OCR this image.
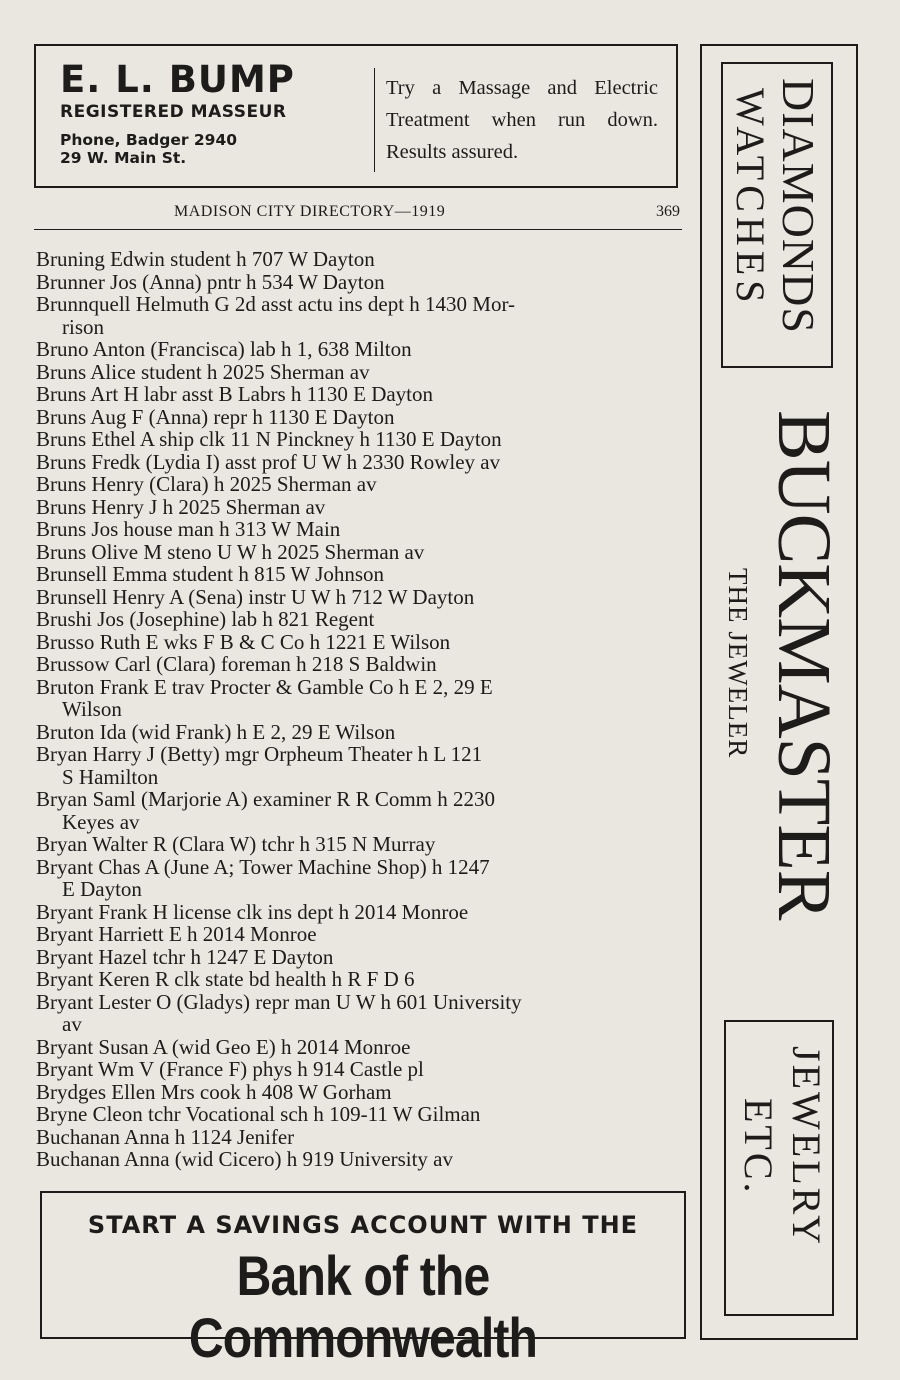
E. L. BUMP
REGISTERED MASSEUR
Phone, Badger 2940
29 W. Main St.
Try a Massage and Electric Treatment when run down. Results assured.
MADISON CITY DIRECTORY—1919	369
Bruning Edwin student h 707 W Dayton
Brunner Jos (Anna) pntr h 534 W Dayton
Brunnquell Helmuth G 2d asst actu ins dept h 1430 Mor-
rison
Bruno Anton (Francisca) lab h 1, 638 Milton
Bruns Alice student h 2025 Sherman av
Bruns Art H labr asst B Labrs h 1130 E Dayton
Bruns Aug F (Anna) repr h 1130 E Dayton
Bruns Ethel A ship clk 11 N Pinckney h 1130 E Dayton
Bruns Fredk (Lydia I) asst prof U W h 2330 Rowley av
Bruns Henry (Clara) h 2025 Sherman av
Bruns Henry J h 2025 Sherman av
Bruns Jos house man h 313 W Main
Bruns Olive M steno U W h 2025 Sherman av
Brunsell Emma student h 815 W Johnson
Brunsell Henry A (Sena) instr U W h 712 W Dayton
Brushi Jos (Josephine) lab h 821 Regent
Brusso Ruth E wks F B & C Co h 1221 E Wilson
Brussow Carl (Clara) foreman h 218 S Baldwin
Bruton Frank E trav Procter & Gamble Co h E 2, 29 E
Wilson
Bruton Ida (wid Frank) h E 2, 29 E Wilson
Bryan Harry J (Betty) mgr Orpheum Theater h L 121
S Hamilton
Bryan Saml (Marjorie A) examiner R R Comm h 2230
Keyes av
Bryan Walter R (Clara W) tchr h 315 N Murray
Bryant Chas A (June A; Tower Machine Shop) h 1247
E Dayton
Bryant Frank H license clk ins dept h 2014 Monroe
Bryant Harriett E h 2014 Monroe
Bryant Hazel tchr h 1247 E Dayton
Bryant Keren R clk state bd health h R F D 6
Bryant Lester O (Gladys) repr man U W h 601 University
av
Bryant Susan A (wid Geo E) h 2014 Monroe
Bryant Wm V (France F) phys h 914 Castle pl
Brydges Ellen Mrs cook h 408 W Gorham
Bryne Cleon tchr Vocational sch h 109-11 W Gilman
Buchanan Anna h 1124 Jenifer
Buchanan Anna (wid Cicero) h 919 University av
START A SAVINGS ACCOUNT WITH THE
Bank of the Commonwealth
DIAMONDS
WATCHES
BUCKMASTER
THE JEWELER
JEWELRY
ETC.
